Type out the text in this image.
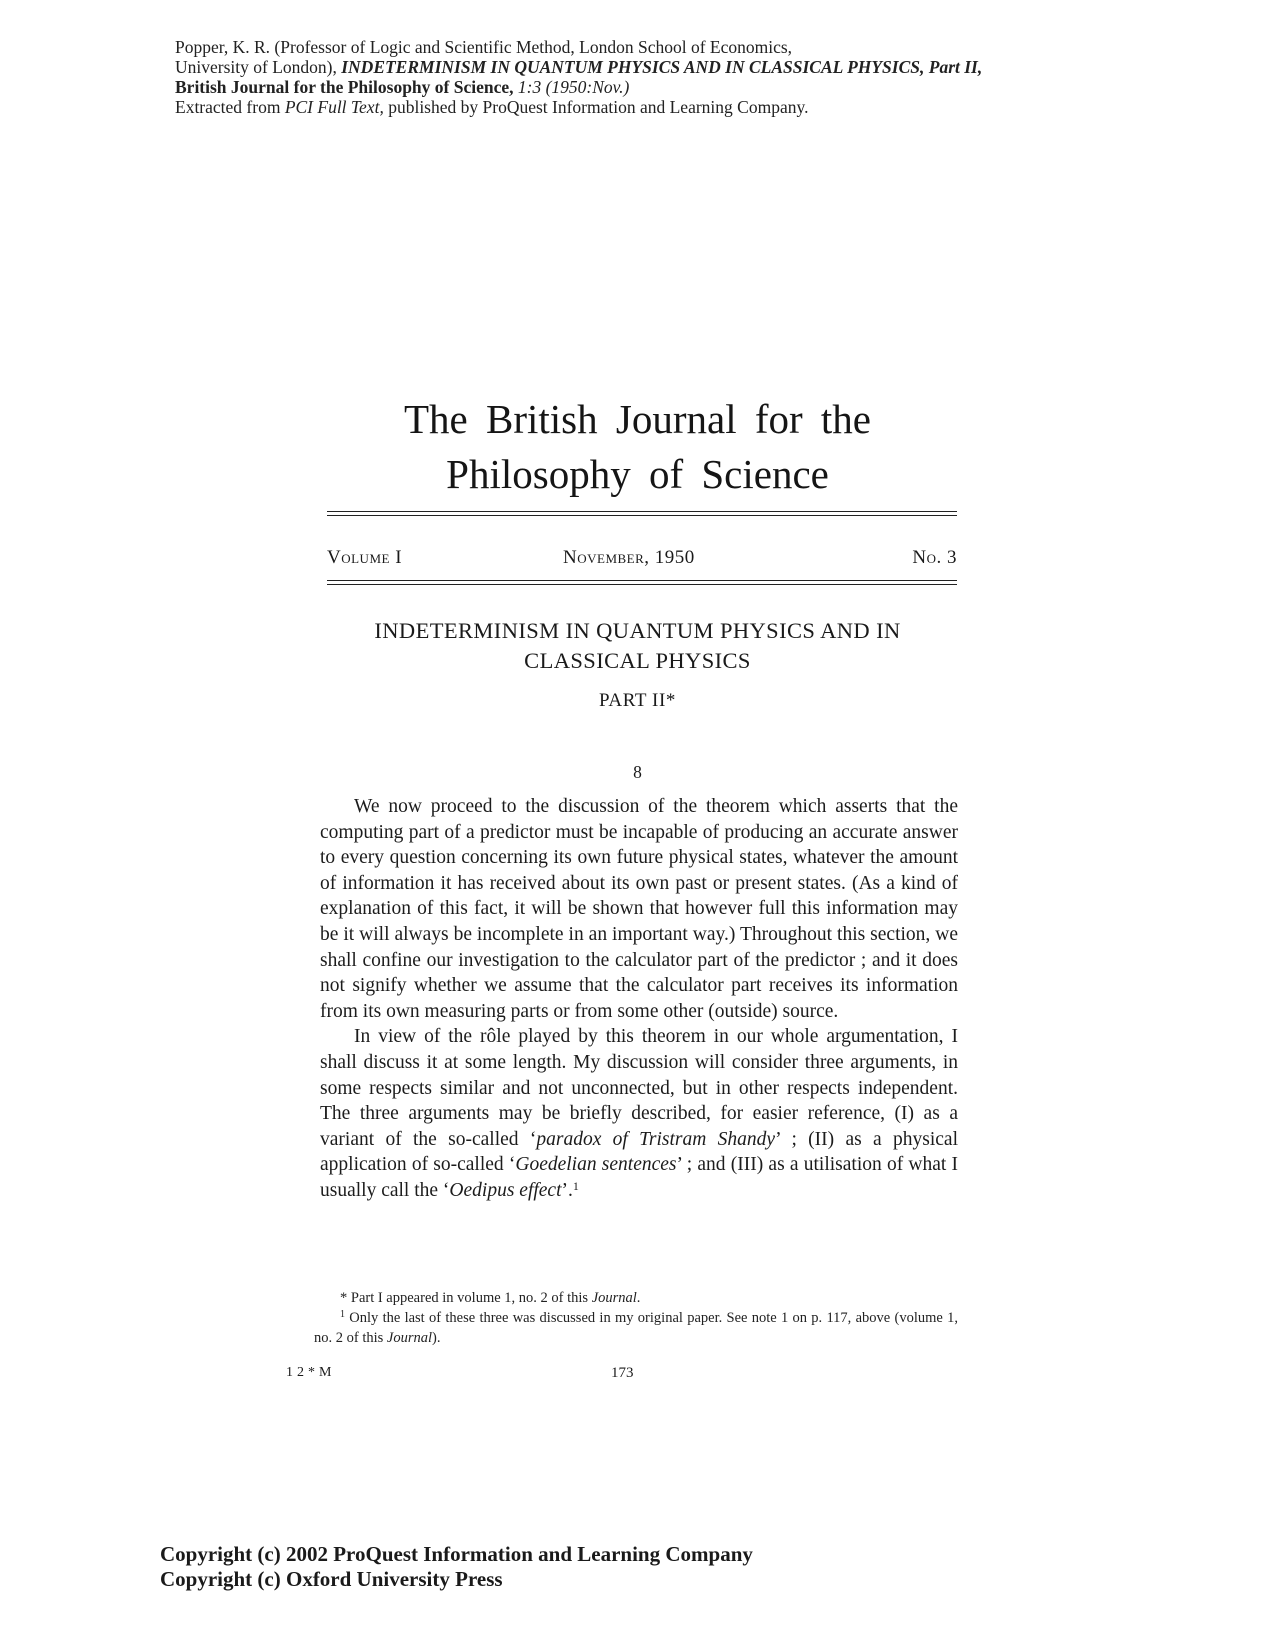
Popper, K. R. (Professor of Logic and Scientific Method, London School of Economics,
University of London), INDETERMINISM IN QUANTUM PHYSICS AND IN CLASSICAL PHYSICS, Part II,
British Journal for the Philosophy of Science, 1:3 (1950:Nov.)
Extracted from PCI Full Text, published by ProQuest Information and Learning Company.
The British Journal for the
Philosophy of Science
Volume I	November, 1950	No. 3
INDETERMINISM IN QUANTUM PHYSICS AND IN
CLASSICAL PHYSICS
PART II*
8

We now proceed to the discussion of the theorem which asserts that the computing part of a predictor must be incapable of producing an accurate answer to every question concerning its own future physical states, whatever the amount of information it has received about its own past or present states. (As a kind of explanation of this fact, it will be shown that however full this information may be it will always be incomplete in an important way.) Throughout this section, we shall confine our investigation to the calculator part of the predictor ; and it does not signify whether we assume that the calculator part receives its information from its own measuring parts or from some other (outside) source.

In view of the rôle played by this theorem in our whole argumentation, I shall discuss it at some length. My discussion will consider three arguments, in some respects similar and not unconnected, but in other respects independent. The three arguments may be briefly described, for easier reference, (I) as a variant of the so-called ‘paradox of Tristram Shandy’ ; (II) as a physical application of so-called ‘Goedelian sentences’ ; and (III) as a utilisation of what I usually call the ‘Oedipus effect’.$^1$

* Part I appeared in volume 1, no. 2 of this Journal.

$^1$ Only the last of these three was discussed in my original paper. See note 1 on p. 117, above (volume 1, no. 2 of this Journal).

12*M	173
Copyright (c) 2002 ProQuest Information and Learning Company
Copyright (c) Oxford University Press
